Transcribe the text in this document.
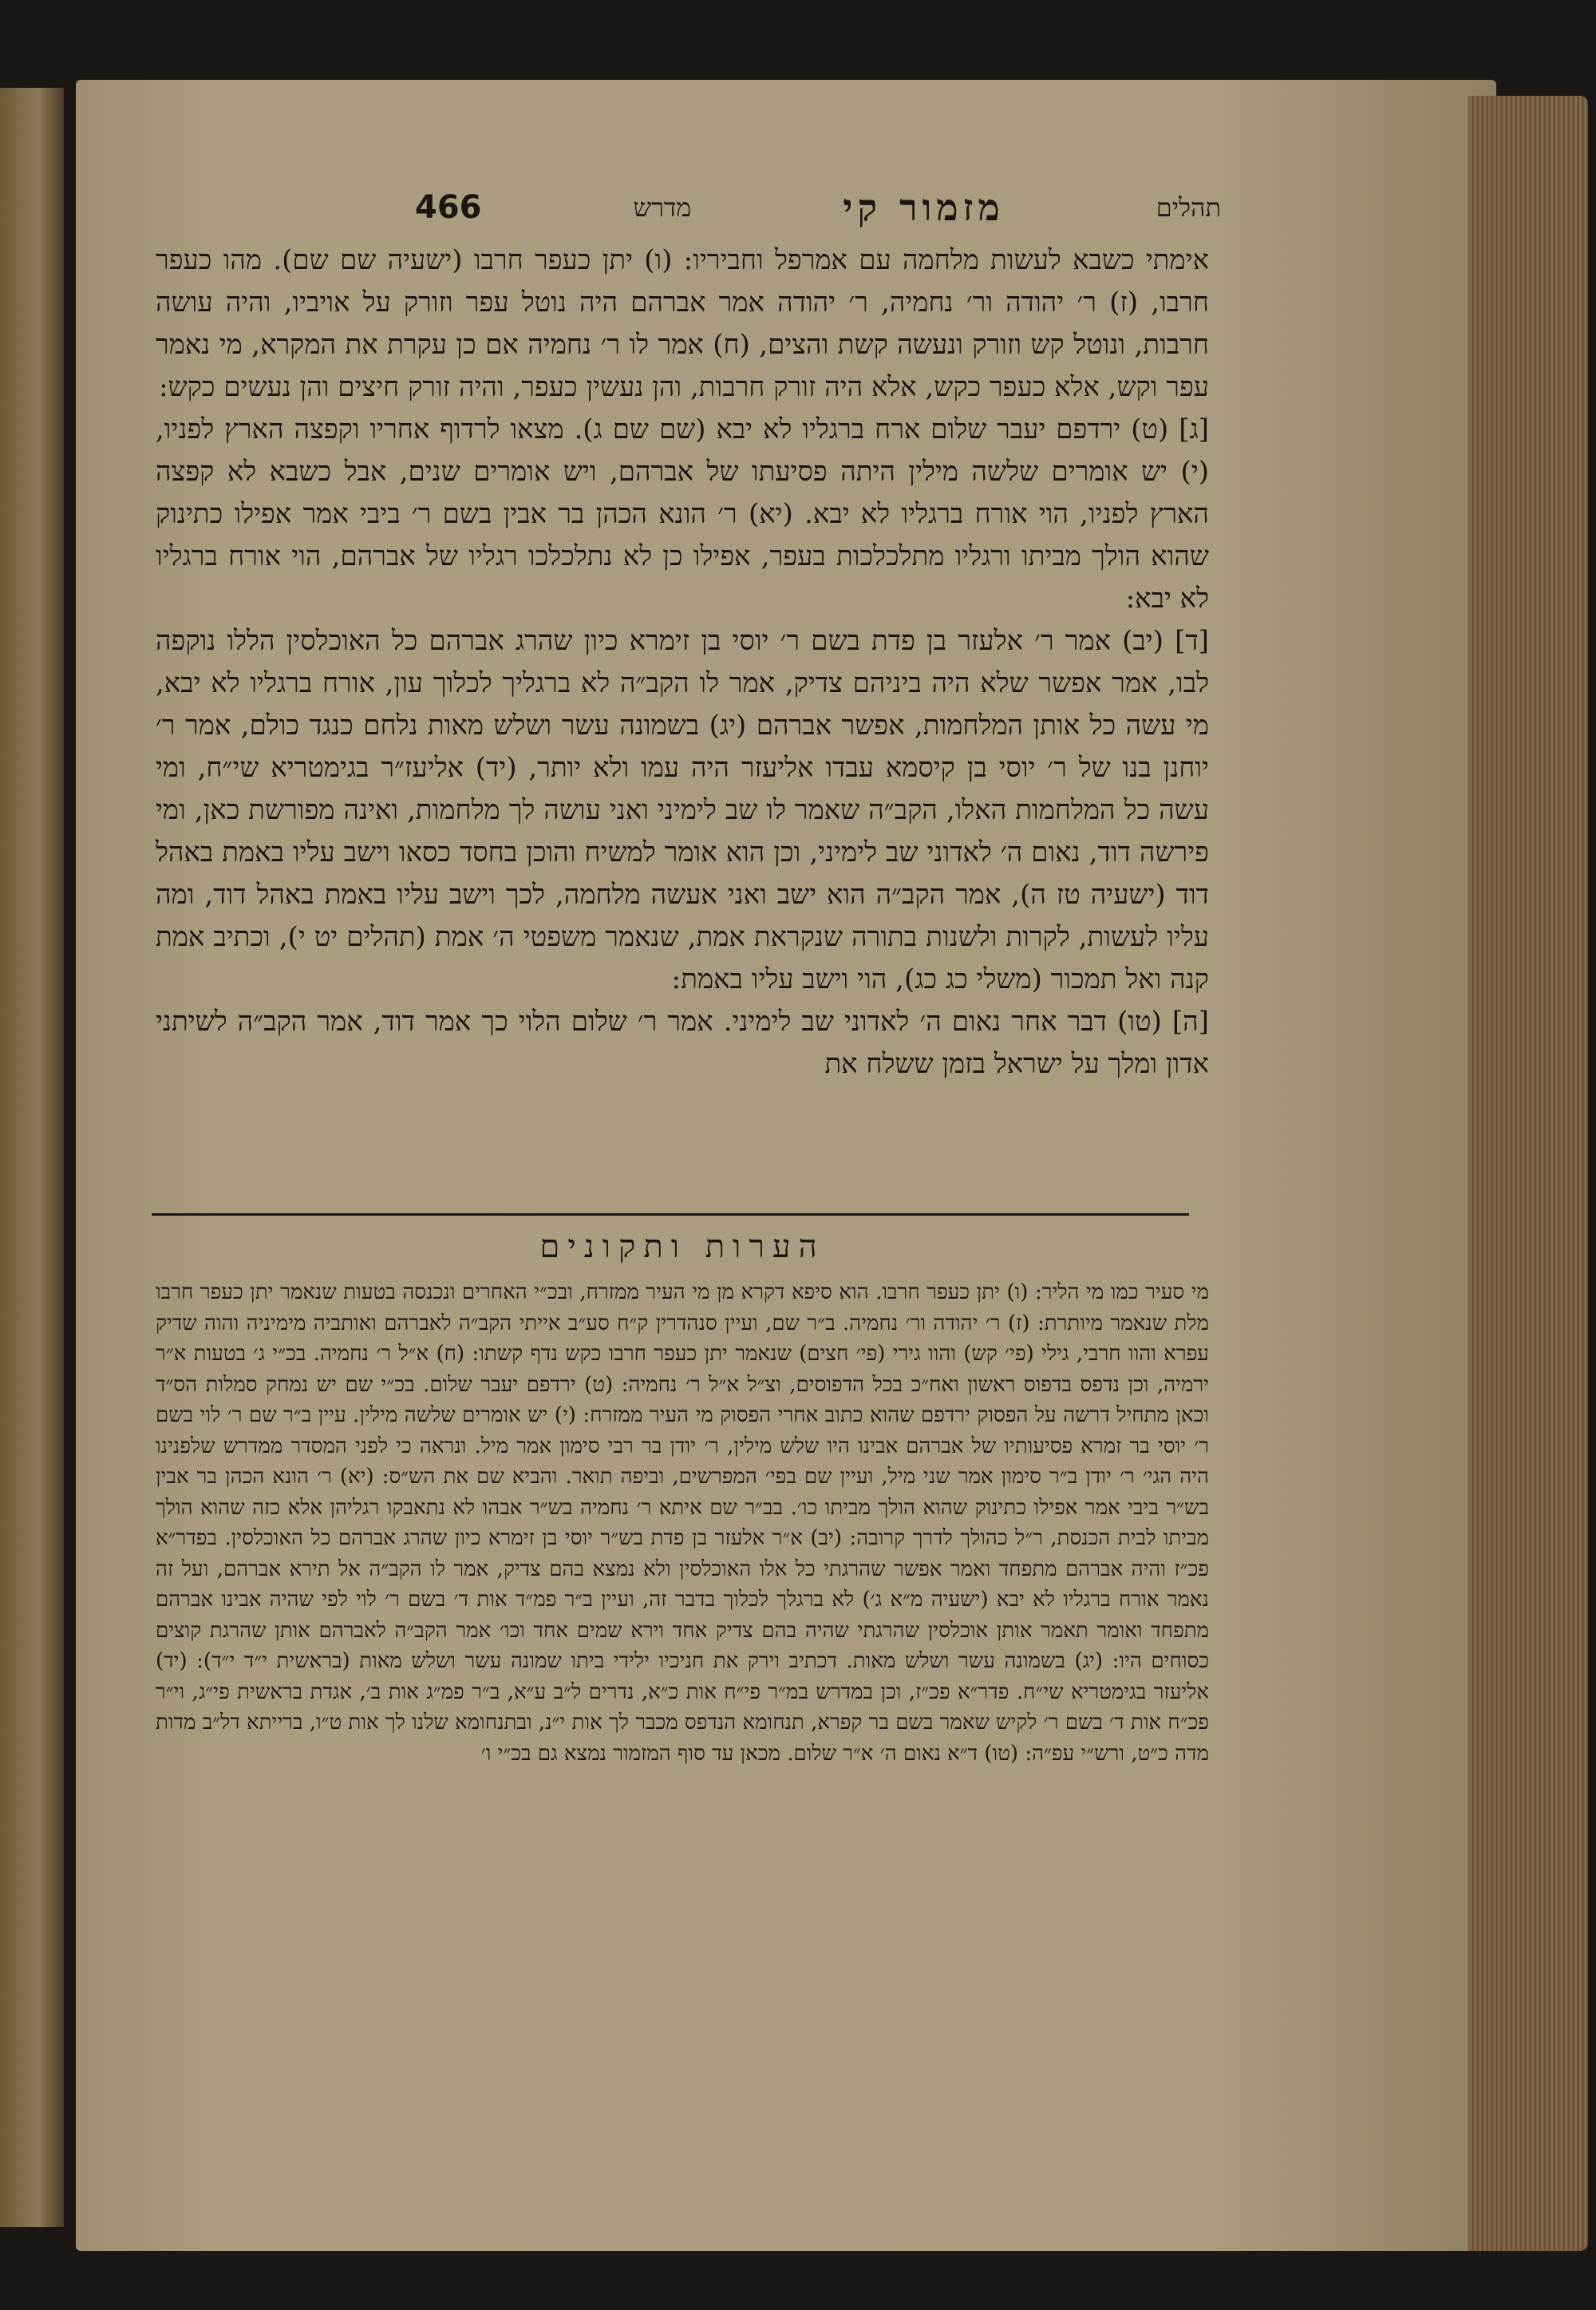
תהלים
מזמור קי
מדרש
466

אימתי כשבא לעשות מלחמה עם אמרפל וחביריו: (ו) יתן כעפר חרבו (ישעיה שם שם). מהו כעפר חרבו, (ז) ר׳ יהודה ור׳ נחמיה, ר׳ יהודה אמר אברהם היה נוטל עפר וזורק על אויביו, והיה עושה חרבות, ונוטל קש וזורק ונעשה קשת והצים, (ח) אמר לו ר׳ נחמיה אם כן עקרת את המקרא, מי נאמר עפר וקש, אלא כעפר כקש, אלא היה זורק חרבות, והן נעשין כעפר, והיה זורק חיצים והן נעשים כקש:

[ג] (ט) ירדפם יעבר שלום ארח ברגליו לא יבא (שם שם ג). מצאו לרדוף אחריו וקפצה הארץ לפניו, (י) יש אומרים שלשה מילין היתה פסיעתו של אברהם, ויש אומרים שנים, אבל כשבא לא קפצה הארץ לפניו, הוי אורח ברגליו לא יבא. (יא) ר׳ הונא הכהן בר אבין בשם ר׳ ביבי אמר אפילו כתינוק שהוא הולך מביתו ורגליו מתלכלכות בעפר, אפילו כן לא נתלכלכו רגליו של אברהם, הוי אורח ברגליו לא יבא:

[ד] (יב) אמר ר׳ אלעזר בן פדת בשם ר׳ יוסי בן זימרא כיון שהרג אברהם כל האוכלסין הללו נוקפה לבו, אמר אפשר שלא היה ביניהם צדיק, אמר לו הקב״ה לא ברגליך לכלוך עון, אורח ברגליו לא יבא, מי עשה כל אותן המלחמות, אפשר אברהם (יג) בשמונה עשר ושלש מאות נלחם כנגד כולם, אמר ר׳ יוחנן בנו של ר׳ יוסי בן קיסמא עבדו אליעזר היה עמו ולא יותר, (יד) אליעז״ר בגימטריא שי״ח, ומי עשה כל המלחמות האלו, הקב״ה שאמר לו שב לימיני ואני עושה לך מלחמות, ואינה מפורשת כאן, ומי פירשה דוד, נאום ה׳ לאדוני שב לימיני, וכן הוא אומר למשיח והוכן בחסד כסאו וישב עליו באמת באהל דוד (ישעיה טז ה), אמר הקב״ה הוא ישב ואני אעשה מלחמה, לכך וישב עליו באמת באהל דוד, ומה עליו לעשות, לקרות ולשנות בתורה שנקראת אמת, שנאמר משפטי ה׳ אמת (תהלים יט י), וכתיב אמת קנה ואל תמכור (משלי כג כג), הוי וישב עליו באמת:

[ה] (טו) דבר אחר נאום ה׳ לאדוני שב לימיני. אמר ר׳ שלום הלוי כך אמר דוד, אמר הקב״ה לשיתני אדון ומלך על ישראל בזמן ששלח את

הערות ותקונים

מי סעיר כמו מי הליר: (ו) יתן כעפר חרבו. הוא סיפא דקרא מן מי העיר ממזרח, ובכ״י האחרים ונכנסה בטעות שנאמר יתן כעפר חרבו מלת שנאמר מיותרת: (ז) ר׳ יהודה ור׳ נחמיה. ב״ר שם, ועיין סנהדרין ק״ח סע״ב אייתי הקב״ה לאברהם ואותביה מימיניה והוה שדיק עפרא והוו חרבי, גילי (פי׳ קש) והוו גירי (פי׳ חצים) שנאמר יתן כעפר חרבו כקש נדף קשתו: (ח) א״ל ר׳ נחמיה. בכ״י ג׳ בטעות א״ר ירמיה, וכן נדפס בדפוס ראשון ואח״כ בכל הדפוסים, וצ״ל א״ל ר׳ נחמיה: (ט) ירדפם יעבר שלום. בכ״י שם יש נמחק סמלות הס״ד וכאן מתחיל דרשה על הפסוק ירדפם שהוא כתוב אחרי הפסוק מי העיר ממזרח: (י) יש אומרים שלשה מילין. עיין ב״ר שם ר׳ לוי בשם ר׳ יוסי בר זמרא פסיעותיו של אברהם אבינו היו שלש מילין, ר׳ יודן בר רבי סימון אמר מיל. ונראה כי לפני המסדר ממדרש שלפנינו היה הגי׳ ר׳ יודן ב״ר סימון אמר שני מיל, ועיין שם בפי׳ המפרשים, וביפה תואר. והביא שם את הש״ס: (יא) ר׳ הונא הכהן בר אבין בש״ר ביבי אמר אפילו כתינוק שהוא הולך מביתו כו׳. בב״ר שם איתא ר׳ נחמיה בש״ר אבהו לא נתאבקו רגליהן אלא כזה שהוא הולך מביתו לבית הכנסת, ר״ל כהולך לדרך קרובה: (יב) א״ר אלעזר בן פדת בש״ר יוסי בן זימרא כיון שהרג אברהם כל האוכלסין. בפדר״א פכ״ז והיה אברהם מתפחד ואמר אפשר שהרגתי כל אלו האוכלסין ולא נמצא בהם צדיק, אמר לו הקב״ה אל תירא אברהם, ועל זה נאמר אורח ברגליו לא יבא (ישעיה מ״א ג׳) לא ברגלך לכלוך בדבר זה, ועיין ב״ר פמ״ד אות ד׳ בשם ר׳ לוי לפי שהיה אבינו אברהם מתפחד ואומר תאמר אותן אוכלסין שהרגתי שהיה בהם צדיק אחד וירא שמים אחד וכו׳ אמר הקב״ה לאברהם אותן שהרגת קוצים כסוחים היו: (יג) בשמונה עשר ושלש מאות. דכתיב וירק את חניכיו ילידי ביתו שמונה עשר ושלש מאות (בראשית י״ד י״ד): (יד) אליעזר בגימטריא שי״ח. פדר״א פכ״ז, וכן במדרש במ״ר פי״ח אות כ״א, נדרים ל״ב ע״א, ב״ר פמ״ג אות ב׳, אגדת בראשית פי״ג, וי״ר פכ״ח אות ד׳ בשם ר׳ לקיש שאמר בשם בר קפרא, תנחומא הנדפס מכבר לך אות י״נ, ובתנחומא שלנו לך אות ט״ו, ברייתא דל״ב מדות מדה כ״ט, ורש״י עפ״ה: (טו) ד״א נאום ה׳ א״ר שלום. מכאן עד סוף המזמור נמצא גם בכ״י ו׳
